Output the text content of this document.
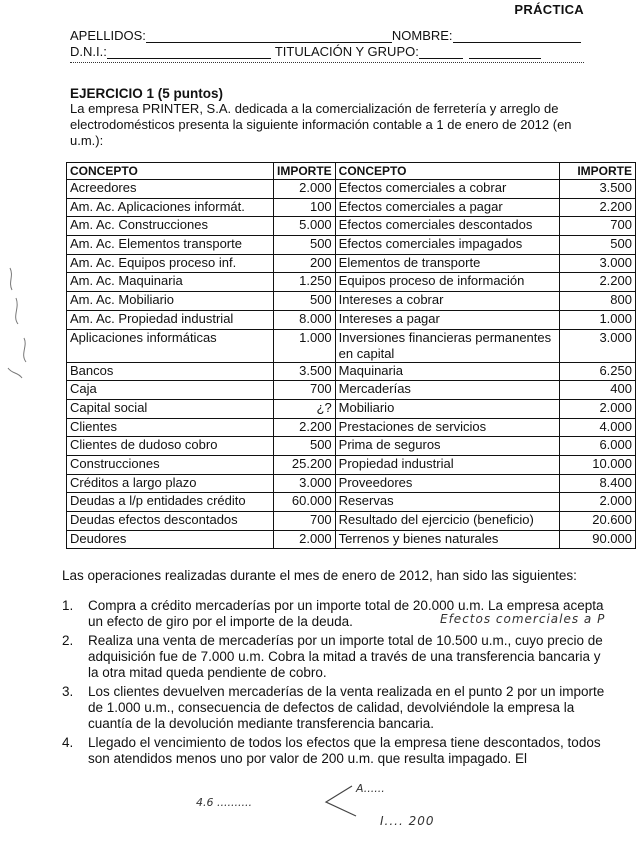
PRÁCTICA
APELLIDOS:	NOMBRE:
D.N.I.:	TITULACIÓN Y GRUPO:
EJERCICIO 1 (5 puntos)
La empresa PRINTER, S.A. dedicada a la comercialización de ferretería y arreglo de electrodomésticos presenta la siguiente información contable a 1 de enero de 2012 (en u.m.):
CONCEPTO	IMPORTE	CONCEPTO	IMPORTE
Acreedores	2.000	Efectos comerciales a cobrar	3.500
Am. Ac. Aplicaciones informát.	100	Efectos comerciales a pagar	2.200
Am. Ac. Construcciones	5.000	Efectos comerciales descontados	700
Am. Ac. Elementos transporte	500	Efectos comerciales impagados	500
Am. Ac. Equipos proceso inf.	200	Elementos de transporte	3.000
Am. Ac. Maquinaria	1.250	Equipos proceso de información	2.200
Am. Ac. Mobiliario	500	Intereses a cobrar	800
Am. Ac. Propiedad industrial	8.000	Intereses a pagar	1.000
Aplicaciones informáticas	1.000	Inversiones financieras permanentes en capital	3.000
Bancos	3.500	Maquinaria	6.250
Caja	700	Mercaderías	400
Capital social	¿?	Mobiliario	2.000
Clientes	2.200	Prestaciones de servicios	4.000
Clientes de dudoso cobro	500	Prima de seguros	6.000
Construcciones	25.200	Propiedad industrial	10.000
Créditos a largo plazo	3.000	Proveedores	8.400
Deudas a l/p entidades crédito	60.000	Reservas	2.000
Deudas efectos descontados	700	Resultado del ejercicio (beneficio)	20.600
Deudores	2.000	Terrenos y bienes naturales	90.000
Las operaciones realizadas durante el mes de enero de 2012, han sido las siguientes:
1. Compra a crédito mercaderías por un importe total de 20.000 u.m. La empresa acepta un efecto de giro por el importe de la deuda.
2. Realiza una venta de mercaderías por un importe total de 10.500 u.m., cuyo precio de adquisición fue de 7.000 u.m. Cobra la mitad a través de una transferencia bancaria y la otra mitad queda pendiente de cobro.
3. Los clientes devuelven mercaderías de la venta realizada en el punto 2 por un importe de 1.000 u.m., consecuencia de defectos de calidad, devolviéndole la empresa la cuantía de la devolución mediante transferencia bancaria.
4. Llegado el vencimiento de todos los efectos que la empresa tiene descontados, todos son atendidos menos uno por valor de 200 u.m. que resulta impagado. El
Efectos comerciales a P
4.6 ..........
A......
I.... 200
